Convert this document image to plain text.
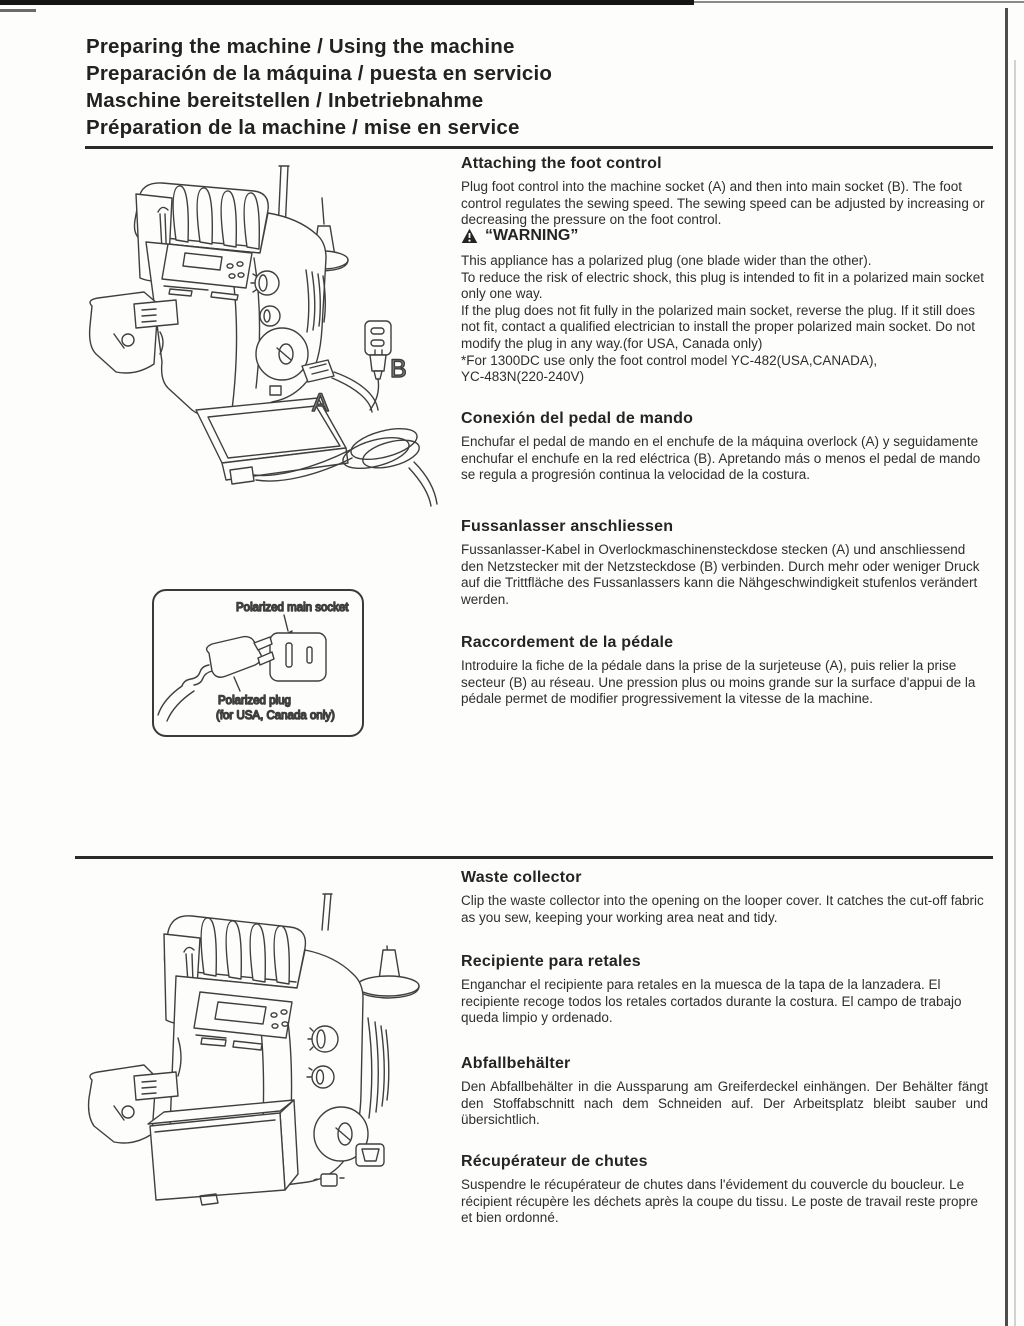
Preparing the machine / Using the machine
Preparación de la máquina / puesta en servicio
Maschine bereitstellen / Inbetriebnahme
Préparation de la machine / mise en service
A
B
Polarized main socket
Polarized plug
(for USA, Canada only)
Attaching the foot control

Plug foot control into the machine socket (A) and then into main socket (B). The foot control regulates the sewing speed. The sewing speed can be adjusted by increasing or decreasing the pressure on the foot control.

“WARNING”

This appliance has a polarized plug (one blade wider than the other).

To reduce the risk of electric shock, this plug is intended to fit in a polarized main socket only one way.

If the plug does not fit fully in the polarized main socket, reverse the plug. If it still does not fit, contact a qualified electrician to install the proper polarized main socket. Do not modify the plug in any way.(for USA, Canada only)

*For 1300DC use only the foot control model YC-482(USA,CANADA),

YC-483N(220-240V)

Conexión del pedal de mando

Enchufar el pedal de mando en el enchufe de la máquina overlock (A) y seguidamente enchufar el enchufe en la red eléctrica (B). Apretando más o menos el pedal de mando se regula a progresión continua la velocidad de la costura.

Fussanlasser anschliessen

Fussanlasser-Kabel in Overlockmaschinensteckdose stecken (A) und anschliessend den Netzstecker mit der Netzsteckdose (B) verbinden. Durch mehr oder weniger Druck auf die Trittfläche des Fussanlassers kann die Nähgeschwindigkeit stufenlos verändert werden.

Raccordement de la pédale

Introduire la fiche de la pédale dans la prise de la surjeteuse (A), puis relier la prise secteur (B) au réseau. Une pression plus ou moins grande sur la surface d'appui de la pédale permet de modifier progressivement la vitesse de la machine.

Waste collector

Clip the waste collector into the opening on the looper cover. It catches the cut-off fabric as you sew, keeping your working area neat and tidy.

Recipiente para retales

Enganchar el recipiente para retales en la muesca de la tapa de la lanzadera. El recipiente recoge todos los retales cortados durante la costura. El campo de trabajo queda limpio y ordenado.

Abfallbehälter

Den Abfallbehälter in die Aussparung am Greiferdeckel einhängen. Der Behälter fängt den Stoffabschnitt nach dem Schneiden auf. Der Arbeitsplatz bleibt sauber und übersichtlich.

Récupérateur de chutes

Suspendre le récupérateur de chutes dans l'évidement du couvercle du boucleur. Le récipient récupère les déchets après la coupe du tissu. Le poste de travail reste propre et bien ordonné.
